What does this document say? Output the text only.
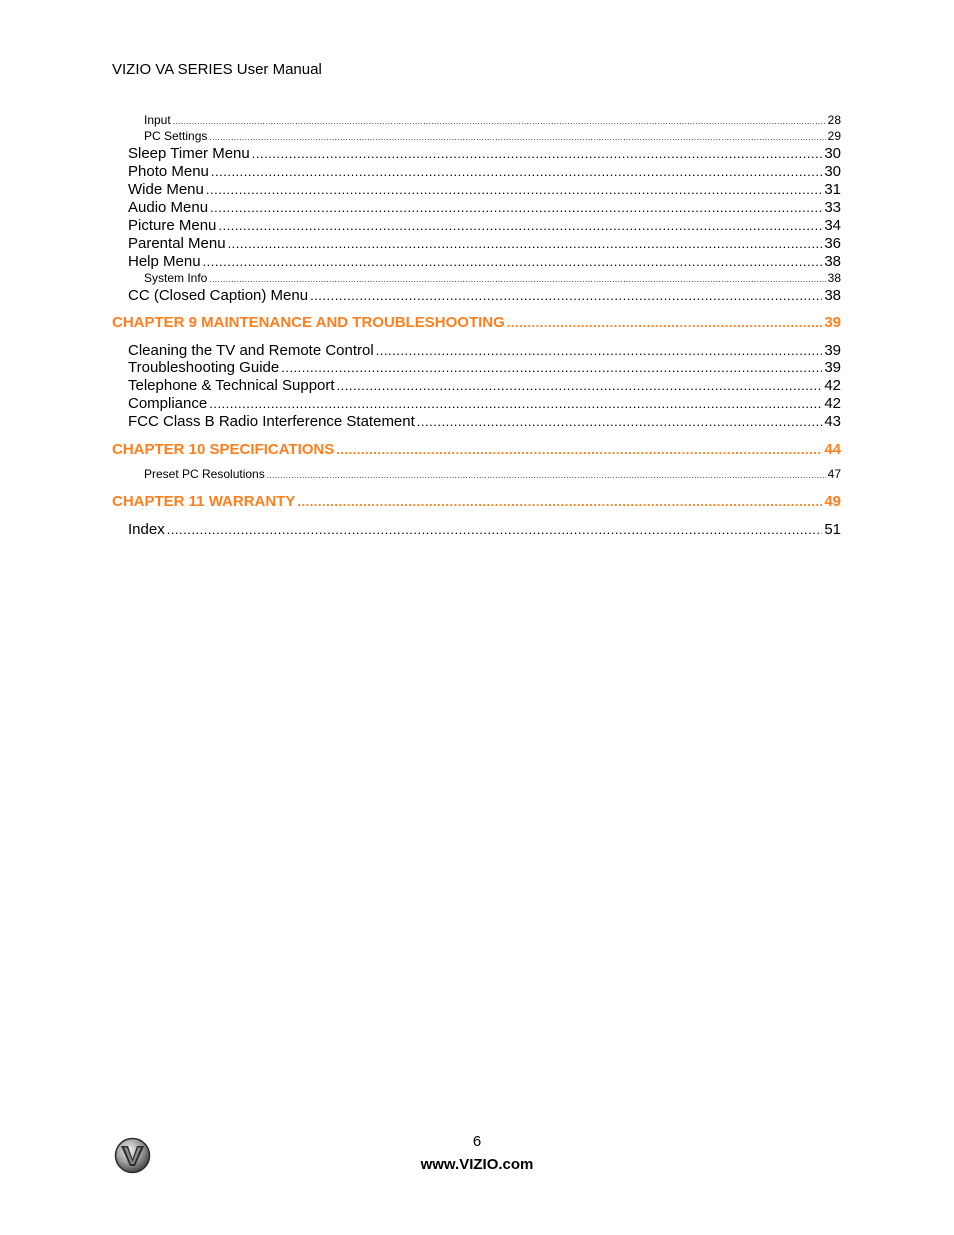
VIZIO VA SERIES User Manual
Input .....	28
PC Settings .....	29
Sleep Timer Menu .....	30
Photo Menu .....	30
Wide Menu .....	31
Audio Menu .....	33
Picture Menu .....	34
Parental Menu .....	36
Help Menu .....	38
System Info .....	38
CC (Closed Caption) Menu .....	38
CHAPTER 9 MAINTENANCE AND TROUBLESHOOTING .....	39
Cleaning the TV and Remote Control .....	39
Troubleshooting Guide .....	39
Telephone & Technical Support .....	42
Compliance .....	42
FCC Class B Radio Interference Statement .....	43
CHAPTER 10 SPECIFICATIONS .....	44
Preset PC Resolutions .....	47
CHAPTER 11 WARRANTY .....	49
Index .....	51
6
www.VIZIO.com
